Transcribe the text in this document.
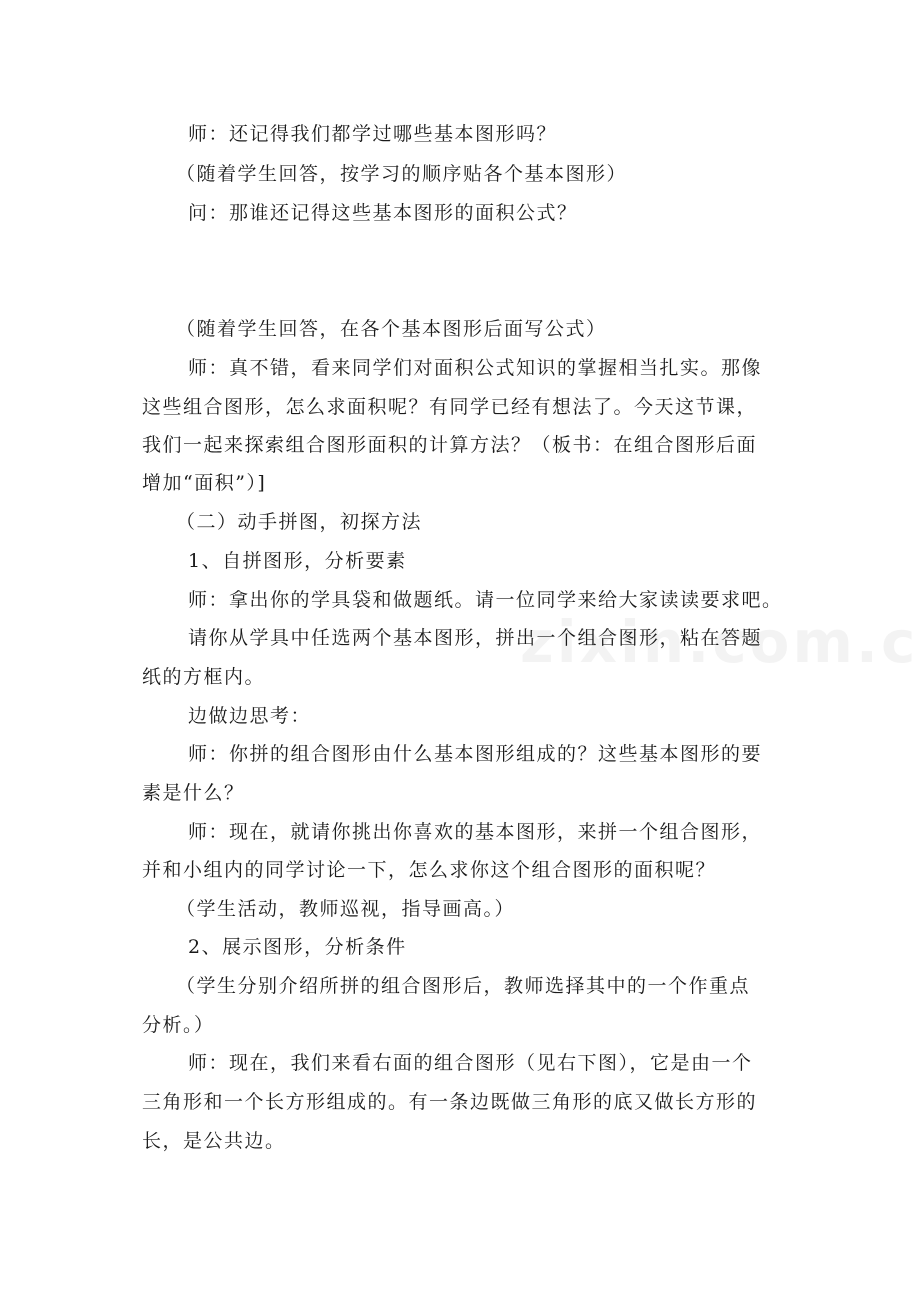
师：还记得我们都学过哪些基本图形吗？
（随着学生回答，按学习的顺序贴各个基本图形）
问：那谁还记得这些基本图形的面积公式？
（随着学生回答，在各个基本图形后面写公式）
师：真不错，看来同学们对面积公式知识的掌握相当扎实。那像
这些组合图形，怎么求面积呢？有同学已经有想法了。今天这节课，
我们一起来探索组合图形面积的计算方法？（板书：在组合图形后面
增加“面积”）]
（二）动手拼图，初探方法
1、自拼图形，分析要素
师：拿出你的学具袋和做题纸。请一位同学来给大家读读要求吧。
请你从学具中任选两个基本图形，拼出一个组合图形，粘在答题
纸的方框内。
边做边思考：
师：你拼的组合图形由什么基本图形组成的？这些基本图形的要
素是什么？
师：现在，就请你挑出你喜欢的基本图形，来拼一个组合图形，
并和小组内的同学讨论一下，怎么求你这个组合图形的面积呢？
（学生活动，教师巡视，指导画高。）
2、展示图形，分析条件
（学生分别介绍所拼的组合图形后，教师选择其中的一个作重点
分析。）
师：现在，我们来看右面的组合图形（见右下图），它是由一个
三角形和一个长方形组成的。有一条边既做三角形的底又做长方形的
长，是公共边。
